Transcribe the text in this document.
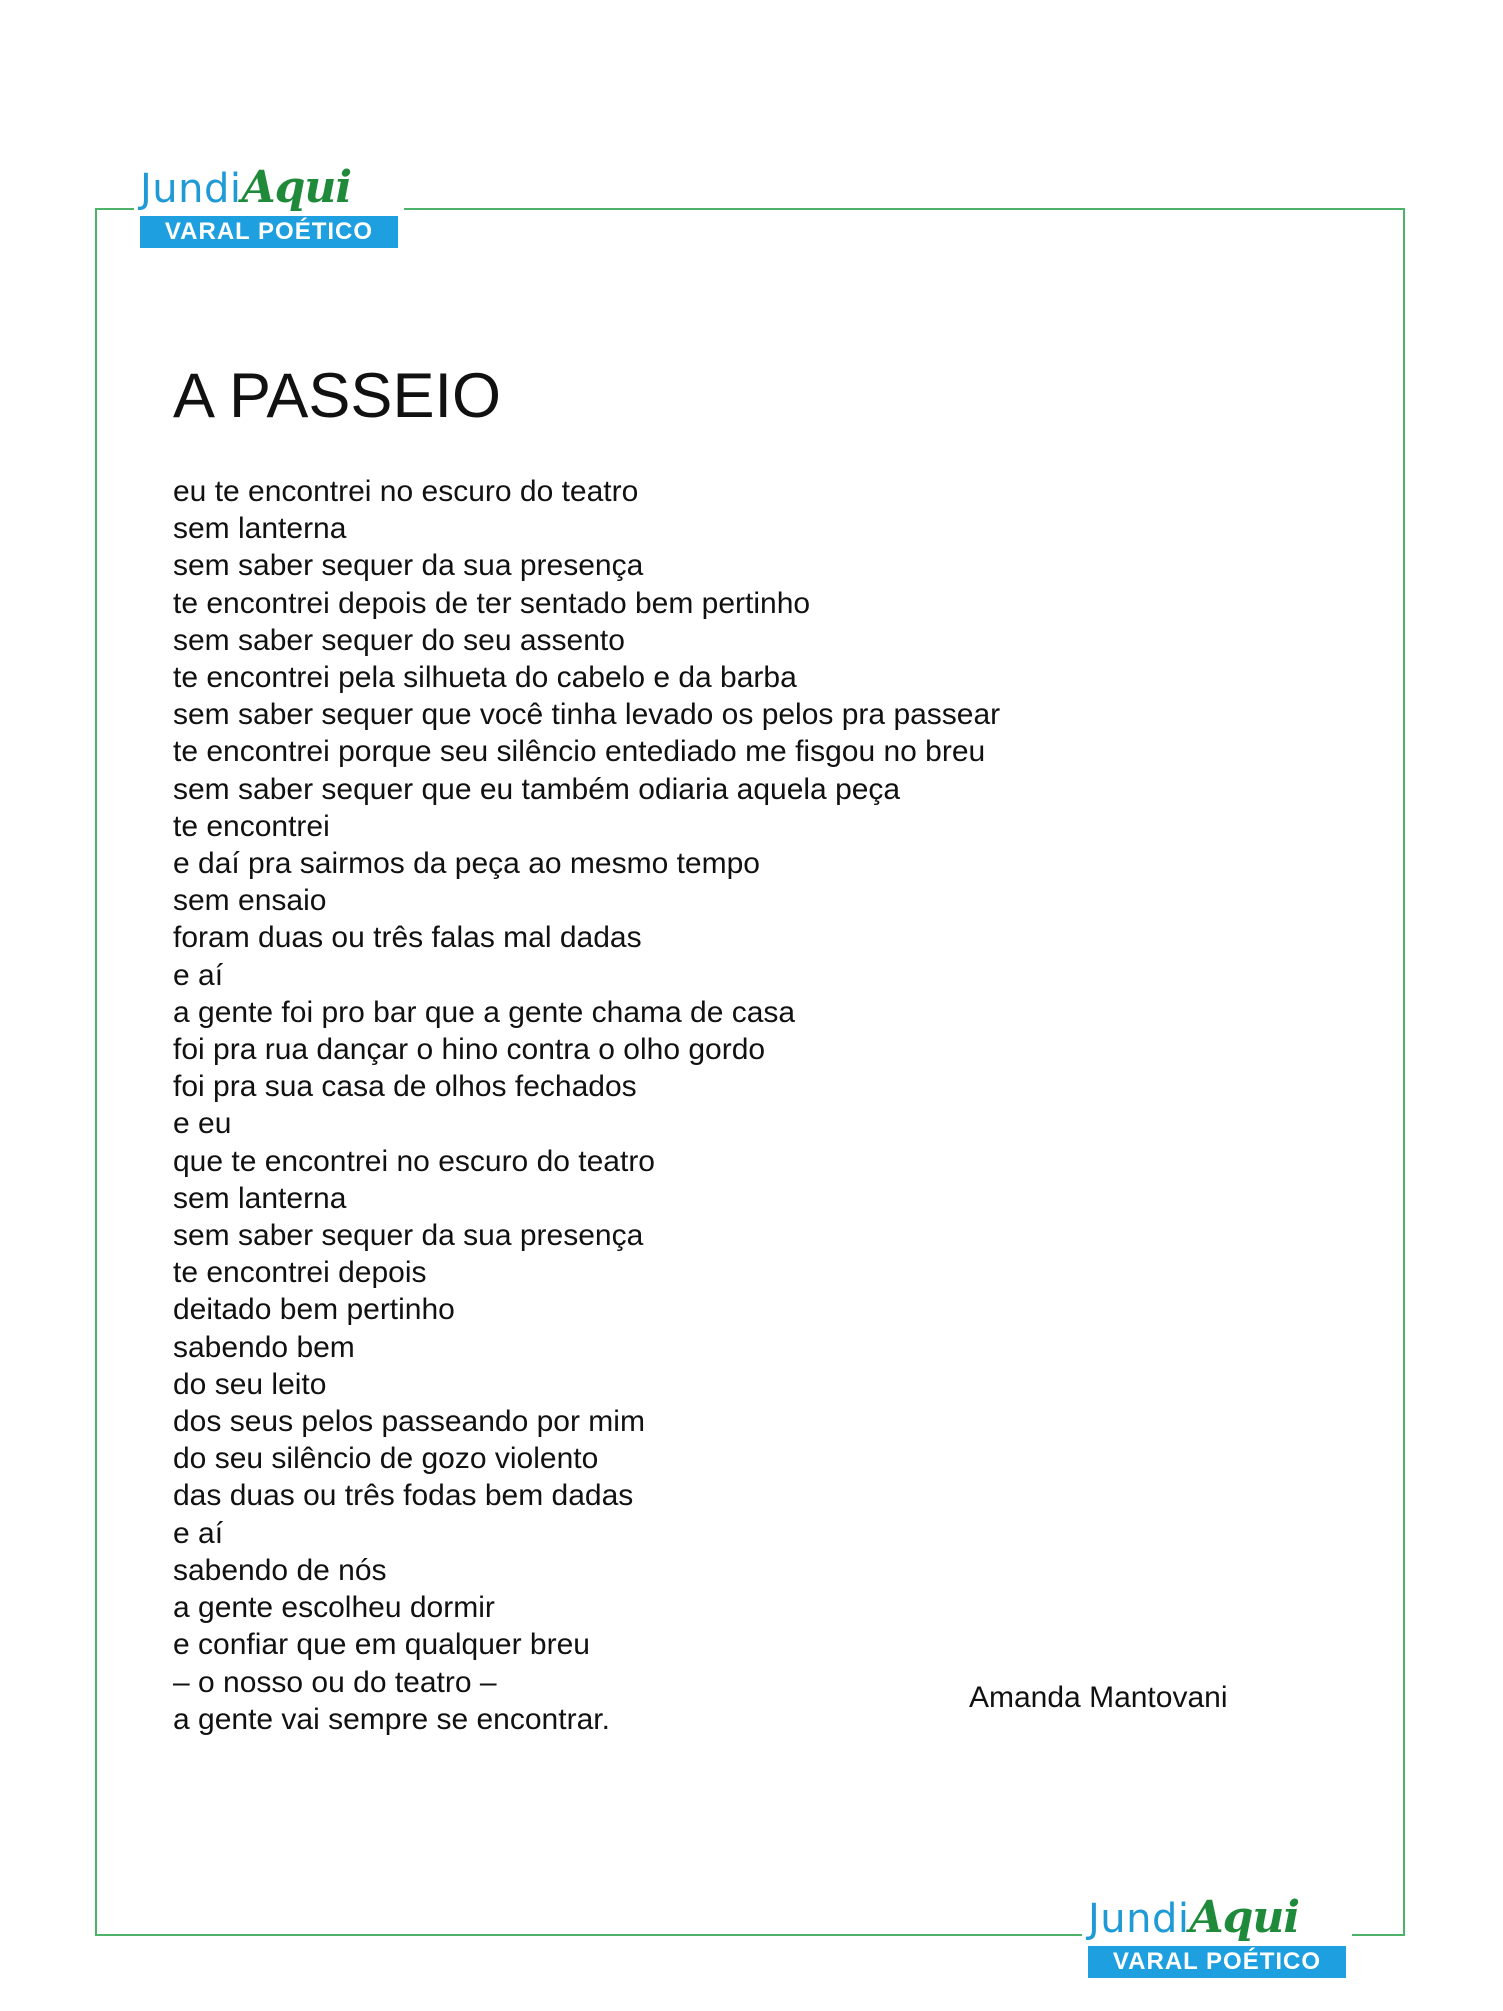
JundiAqui
VARAL POÉTICO
A PASSEIO
eu te encontrei no escuro do teatro
sem lanterna
sem saber sequer da sua presença
te encontrei depois de ter sentado bem pertinho
sem saber sequer do seu assento
te encontrei pela silhueta do cabelo e da barba
sem saber sequer que você tinha levado os pelos pra passear
te encontrei porque seu silêncio entediado me fisgou no breu
sem saber sequer que eu também odiaria aquela peça
te encontrei
e daí pra sairmos da peça ao mesmo tempo
sem ensaio
foram duas ou três falas mal dadas
e aí
a gente foi pro bar que a gente chama de casa
foi pra rua dançar o hino contra o olho gordo
foi pra sua casa de olhos fechados
e eu
que te encontrei no escuro do teatro
sem lanterna
sem saber sequer da sua presença
te encontrei depois
deitado bem pertinho
sabendo bem
do seu leito
dos seus pelos passeando por mim
do seu silêncio de gozo violento
das duas ou três fodas bem dadas
e aí
sabendo de nós
a gente escolheu dormir
e confiar que em qualquer breu
– o nosso ou do teatro –
a gente vai sempre se encontrar.
Amanda Mantovani
JundiAqui
VARAL POÉTICO
